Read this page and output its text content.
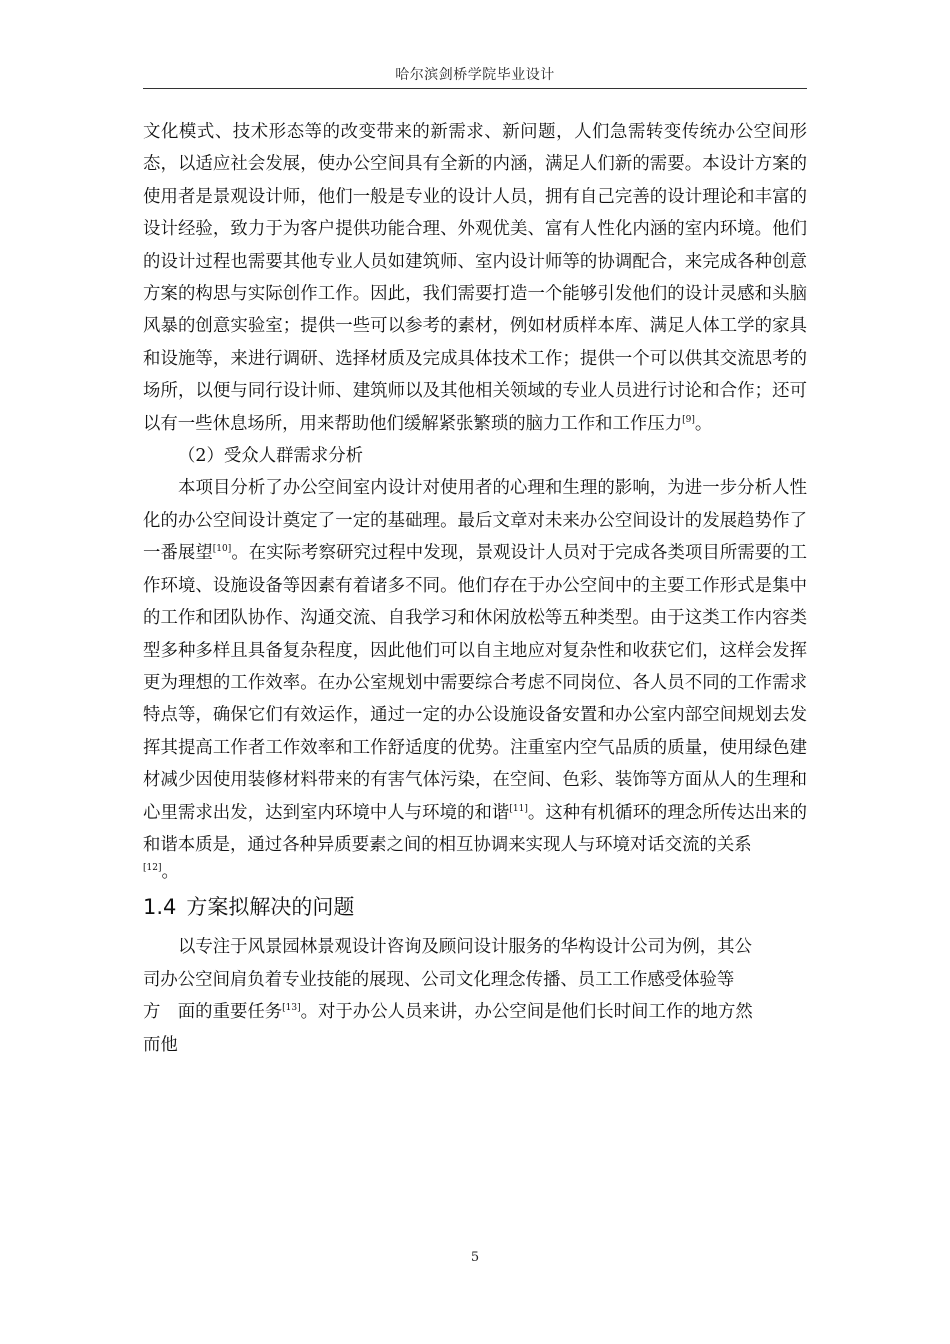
哈尔滨剑桥学院毕业设计

文化模式、技术形态等的改变带来的新需求、新问题，人们急需转变传统办公空间形态，以适应社会发展，使办公空间具有全新的内涵，满足人们新的需要。本设计方案的使用者是景观设计师，他们一般是专业的设计人员，拥有自己完善的设计理论和丰富的设计经验，致力于为客户提供功能合理、外观优美、富有人性化内涵的室内环境。他们的设计过程也需要其他专业人员如建筑师、室内设计师等的协调配合，来完成各种创意方案的构思与实际创作工作。因此，我们需要打造一个能够引发他们的设计灵感和头脑风暴的创意实验室；提供一些可以参考的素材，例如材质样本库、满足人体工学的家具和设施等，来进行调研、选择材质及完成具体技术工作；提供一个可以供其交流思考的场所，以便与同行设计师、建筑师以及其他相关领域的专业人员进行讨论和合作；还可以有一些休息场所，用来帮助他们缓解紧张繁琐的脑力工作和工作压力[9]。

（2）受众人群需求分析

本项目分析了办公空间室内设计对使用者的心理和生理的影响，为进一步分析人性化的办公空间设计奠定了一定的基础理。最后文章对未来办公空间设计的发展趋势作了一番展望[10]。在实际考察研究过程中发现，景观设计人员对于完成各类项目所需要的工作环境、设施设备等因素有着诸多不同。他们存在于办公空间中的主要工作形式是集中的工作和团队协作、沟通交流、自我学习和休闲放松等五种类型。由于这类工作内容类型多种多样且具备复杂程度，因此他们可以自主地应对复杂性和收获它们，这样会发挥更为理想的工作效率。在办公室规划中需要综合考虑不同岗位、各人员不同的工作需求特点等，确保它们有效运作，通过一定的办公设施设备安置和办公室内部空间规划去发挥其提高工作者工作效率和工作舒适度的优势。注重室内空气品质的质量，使用绿色建材减少因使用装修材料带来的有害气体污染，在空间、色彩、装饰等方面从人的生理和心里需求出发，达到室内环境中人与环境的和谐[11]。这种有机循环的理念所传达出来的和谐本质是，通过各种异质要素之间的相互协调来实现人与环境对话交流的关系

[12]。
1.4 方案拟解决的问题

以专注于风景园林景观设计咨询及顾问设计服务的华构设计公司为例，其公

司办公空间肩负着专业技能的展现、公司文化理念传播、员工工作感受体验等

方　面的重要任务[13]。对于办公人员来讲，办公空间是他们长时间工作的地方然

而他

5
